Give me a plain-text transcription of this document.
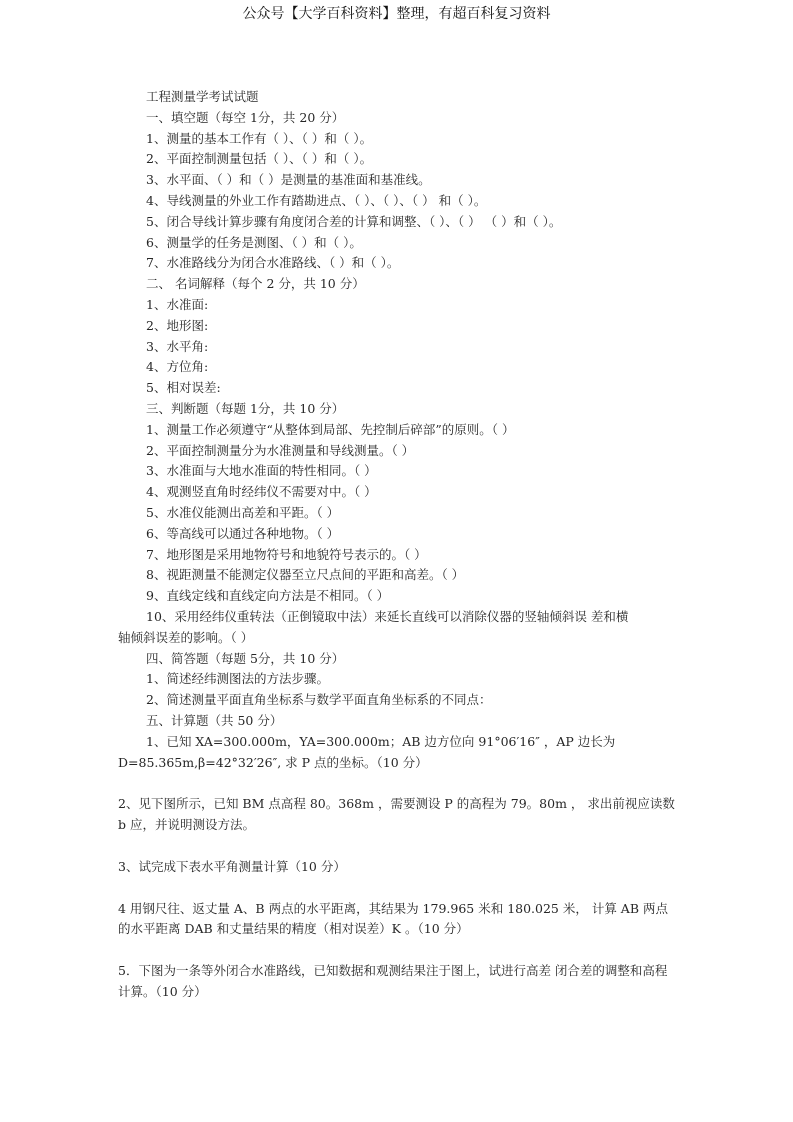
公众号【大学百科资料】整理，有超百科复习资料
工程测量学考试试题
一、填空题（每空 1分，共 20 分）
1、测量的基本工作有（ ）、（ ）和（ ）。
2、平面控制测量包括（ ）、（ ）和（ ）。
3、水平面、（ ）和（ ）是测量的基准面和基准线。
4、导线测量的外业工作有踏勘进点、（ ）、（ ）、（ ） 和（ ）。
5、闭合导线计算步骤有角度闭合差的计算和调整、（ ）、（ ） （ ）和（ ）。
6、测量学的任务是测图、（ ）和（ ）。
7、水准路线分为闭合水准路线、（ ）和（ ）。
二、 名词解释（每个 2 分，共 10 分）
1、水准面:
2、地形图:
3、水平角:
4、方位角:
5、相对误差:
三、判断题（每题 1分，共 10 分）
1、测量工作必须遵守“从整体到局部、先控制后碎部”的原则。（ ）
2、平面控制测量分为水准测量和导线测量。（ ）
3、水准面与大地水准面的特性相同。（ ）
4、观测竖直角时经纬仪不需要对中。（ ）
5、水准仪能测出高差和平距。（ ）
6、等高线可以通过各种地物。（ ）
7、地形图是采用地物符号和地貌符号表示的。（ ）
8、视距测量不能测定仪器至立尺点间的平距和高差。（ ）
9、直线定线和直线定向方法是不相同。（ ）
10、采用经纬仪重转法（正倒镜取中法）来延长直线可以消除仪器的竖轴倾斜误 差和横
轴倾斜误差的影响。（ ）
四、简答题（每题 5分，共 10 分）
1、简述经纬测图法的方法步骤。
2、简述测量平面直角坐标系与数学平面直角坐标系的不同点：
五、计算题（共 50 分）
1、已知 XA=300.000m，YA=300.000m；AB 边方位向 91°06′16″ ，AP 边长为
D=85.365m,β=42°32′26″, 求 P 点的坐标。（10 分）
2、见下图所示，已知 BM 点高程 80。368m ，需要测设 P 的高程为 79。80m ， 求出前视应读数 b 应，并说明测设方法。
3、试完成下表水平角测量计算（10 分）
4 用钢尺往、返丈量 A、B 两点的水平距离，其结果为 179.965 米和 180.025 米， 计算 AB 两点的水平距离 DAB 和丈量结果的精度（相对误差）K 。（10 分）
5．下图为一条等外闭合水准路线，已知数据和观测结果注于图上，试进行高差 闭合差的调整和高程计算。（10 分）
